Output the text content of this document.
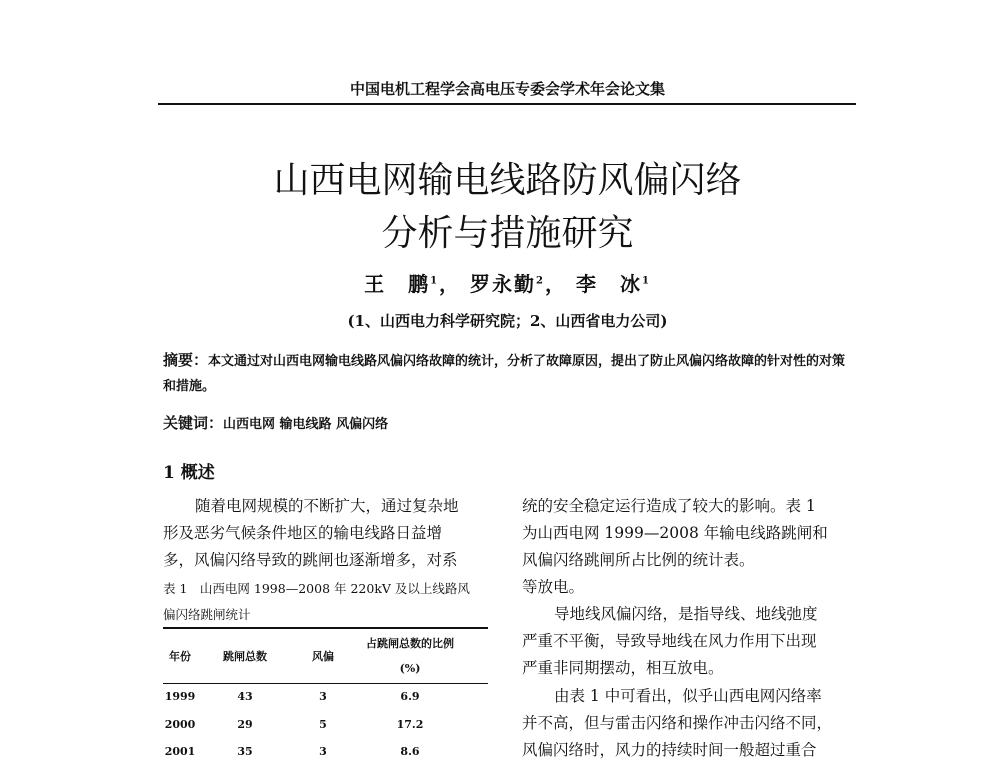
中国电机工程学会高电压专委会学术年会论文集
山西电网输电线路防风偏闪络
分析与措施研究
王　鹏$^1$， 罗永勤$^2$， 李　冰$^1$
(1、山西电力科学研究院；2、山西省电力公司)
摘要：本文通过对山西电网输电线路风偏闪络故障的统计，分析了故障原因，提出了防止风偏闪络故障的针对性的对策和措施。
关键词：山西电网 输电线路 风偏闪络
1 概述
随着电网规模的不断扩大，通过复杂地
形及恶劣气候条件地区的输电线路日益增
多，风偏闪络导致的跳闸也逐渐增多，对系
表 1　山西电网 1998—2008 年 220kV 及以上线路风
偏闪络跳闸统计
年份	跳闸总数	风偏
占跳闸总数的比例
(%)
1999	43	3	6.9
2000	29	5	17.2
2001	35	3	8.6
统的安全稳定运行造成了较大的影响。表 1
为山西电网 1999—2008 年输电线路跳闸和
风偏闪络跳闸所占比例的统计表。
等放电。
导地线风偏闪络，是指导线、地线弛度
严重不平衡，导致导地线在风力作用下出现
严重非同期摆动，相互放电。
由表 1 中可看出，似乎山西电网闪络率
并不高，但与雷击闪络和操作冲击闪络不同，
风偏闪络时，风力的持续时间一般超过重合
